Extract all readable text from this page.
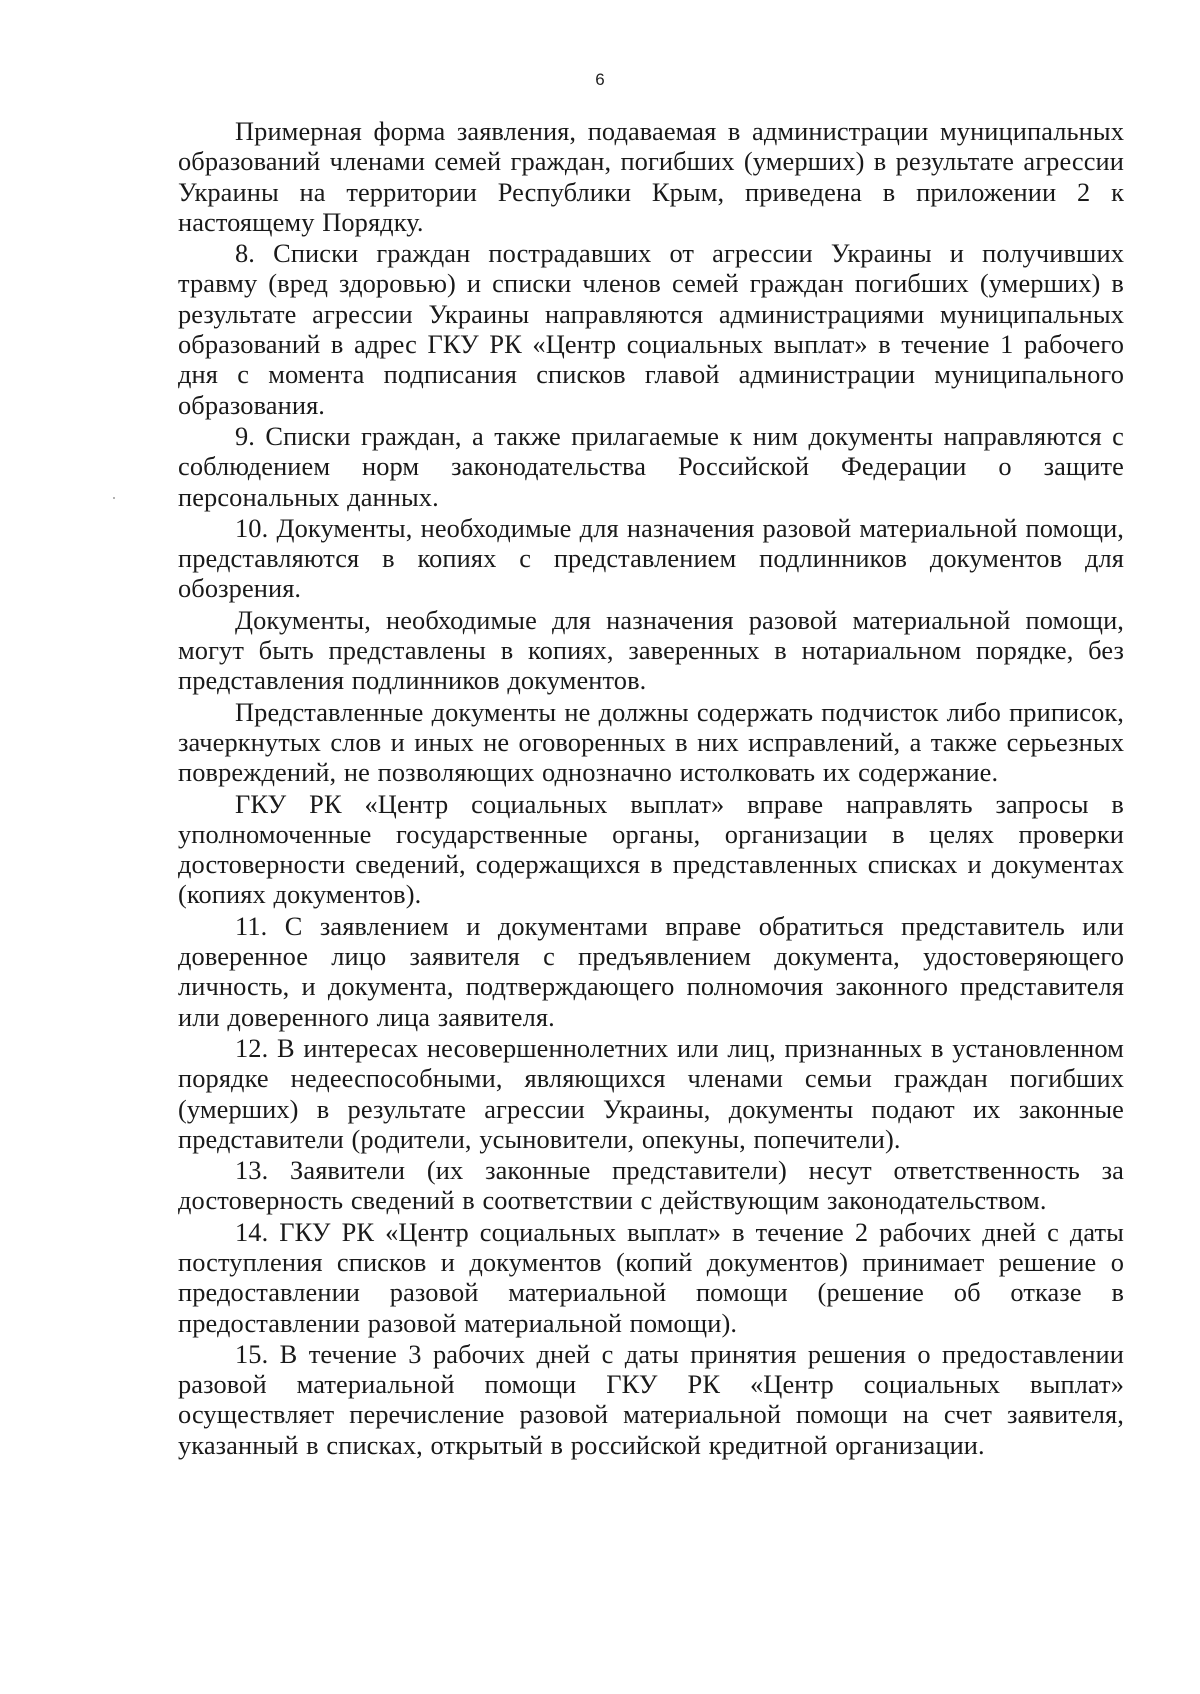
6

Примерная форма заявления, подаваемая в администрации муниципальных образований членами семей граждан, погибших (умерших) в результате агрессии Украины на территории Республики Крым, приведена в приложении 2 к настоящему Порядку.

8. Списки граждан пострадавших от агрессии Украины и получивших травму (вред здоровью) и списки членов семей граждан погибших (умерших) в результате агрессии Украины направляются администрациями муниципальных образований в адрес ГКУ РК «Центр социальных выплат» в течение 1 рабочего дня с момента подписания списков главой администрации муниципального образования.

9. Списки граждан, а также прилагаемые к ним документы направляются с соблюдением норм законодательства Российской Федерации о защите персональных данных.

10. Документы, необходимые для назначения разовой материальной помощи, представляются в копиях с представлением подлинников документов для обозрения.

Документы, необходимые для назначения разовой материальной помощи, могут быть представлены в копиях, заверенных в нотариальном порядке, без представления подлинников документов.

Представленные документы не должны содержать подчисток либо приписок, зачеркнутых слов и иных не оговоренных в них исправлений, а также серьезных повреждений, не позволяющих однозначно истолковать их содержание.

ГКУ РК «Центр социальных выплат» вправе направлять запросы в уполномоченные государственные органы, организации в целях проверки достоверности сведений, содержащихся в представленных списках и документах (копиях документов).

11. С заявлением и документами вправе обратиться представитель или доверенное лицо заявителя с предъявлением документа, удостоверяющего личность, и документа, подтверждающего полномочия законного представителя или доверенного лица заявителя.

12. В интересах несовершеннолетних или лиц, признанных в установленном порядке недееспособными, являющихся членами семьи граждан погибших (умерших) в результате агрессии Украины, документы подают их законные представители (родители, усыновители, опекуны, попечители).

13. Заявители (их законные представители) несут ответственность за достоверность сведений в соответствии с действующим законодательством.

14. ГКУ РК «Центр социальных выплат» в течение 2 рабочих дней с даты поступления списков и документов (копий документов) принимает решение о предоставлении разовой материальной помощи (решение об отказе в предоставлении разовой материальной помощи).

15. В течение 3 рабочих дней с даты принятия решения о предоставлении разовой материальной помощи ГКУ РК «Центр социальных выплат» осуществляет перечисление разовой материальной помощи на счет заявителя, указанный в списках, открытый в российской кредитной организации.
